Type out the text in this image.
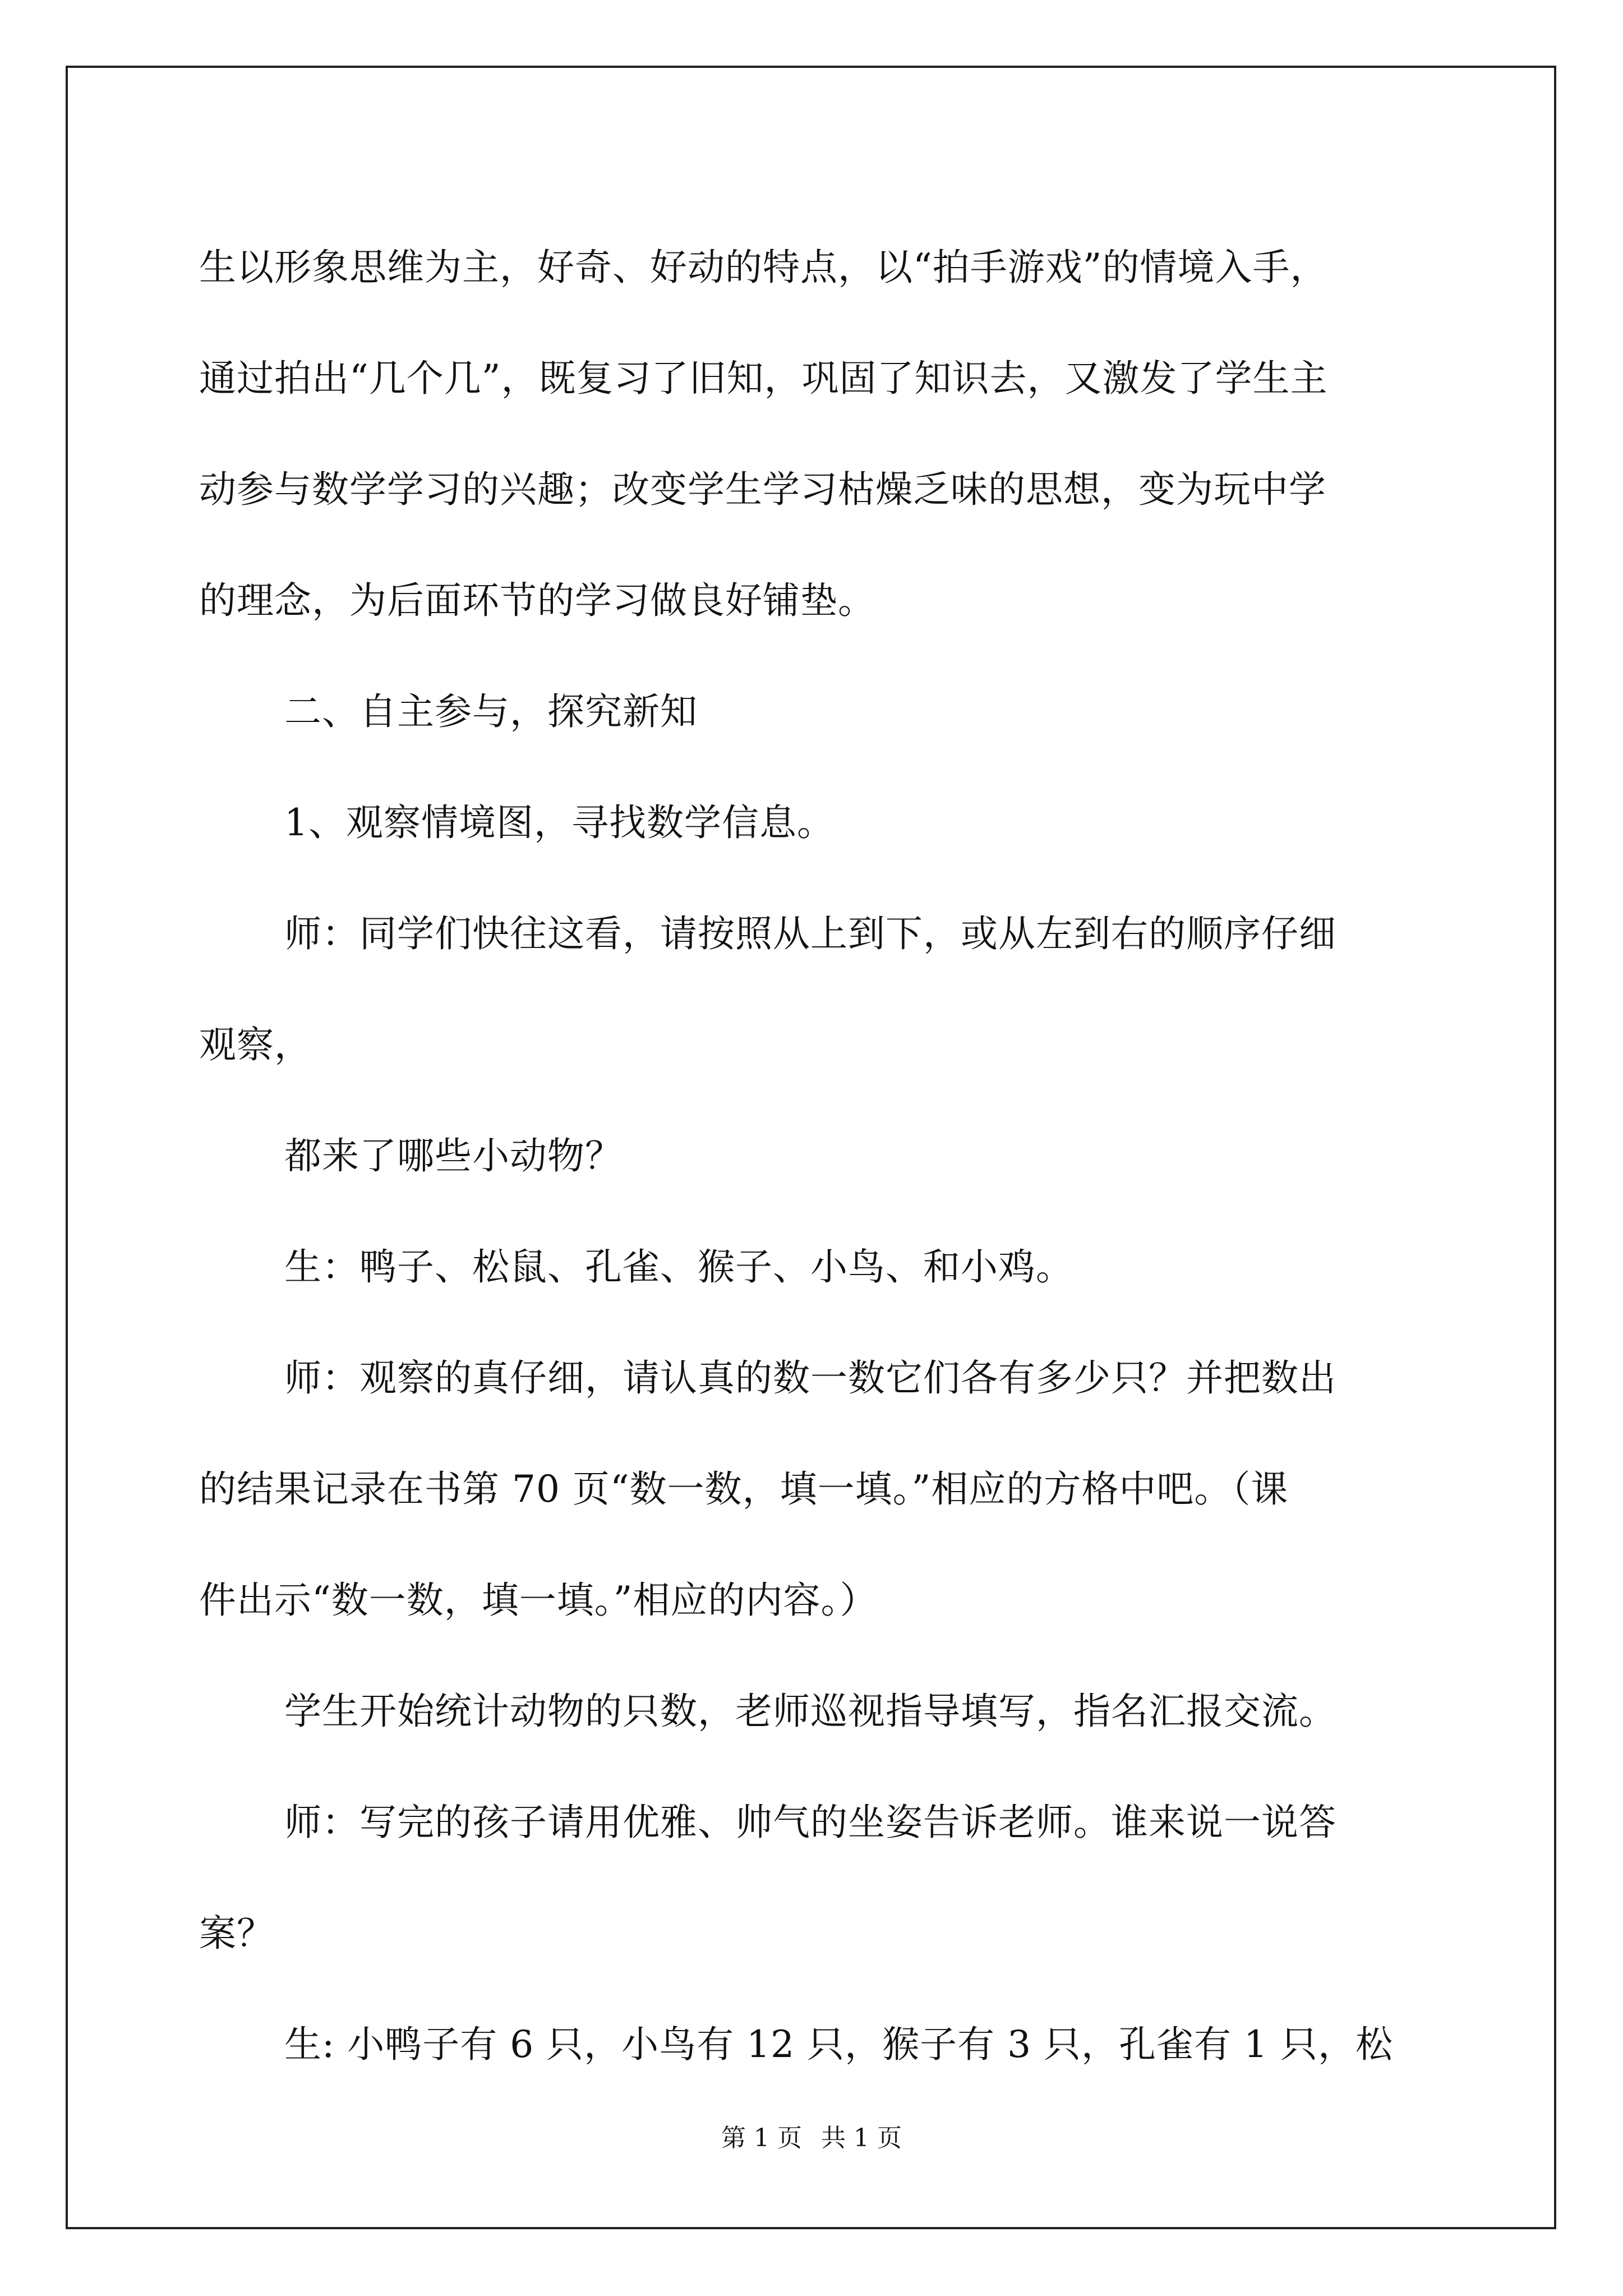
生以形象思维为主，好奇、好动的特点，以“拍手游戏”的情境入手，

通过拍出“几个几”，既复习了旧知，巩固了知识去，又激发了学生主

动参与数学学习的兴趣；改变学生学习枯燥乏味的思想，变为玩中学

的理念，为后面环节的学习做良好铺垫。

二、自主参与，探究新知

1、观察情境图，寻找数学信息。

师：同学们快往这看，请按照从上到下，或从左到右的顺序仔细

观察，

都来了哪些小动物？

生：鸭子、松鼠、孔雀、猴子、小鸟、和小鸡。

师：观察的真仔细，请认真的数一数它们各有多少只？并把数出

的结果记录在书第 70 页“数一数，填一填。”相应的方格中吧。（课

件出示“数一数，填一填。”相应的内容。）

学生开始统计动物的只数，老师巡视指导填写，指名汇报交流。

师：写完的孩子请用优雅、帅气的坐姿告诉老师。谁来说一说答

案？

生: 小鸭子有 6 只，小鸟有 12 只，猴子有 3 只，孔雀有 1 只，松

第 1 页 共 1 页
